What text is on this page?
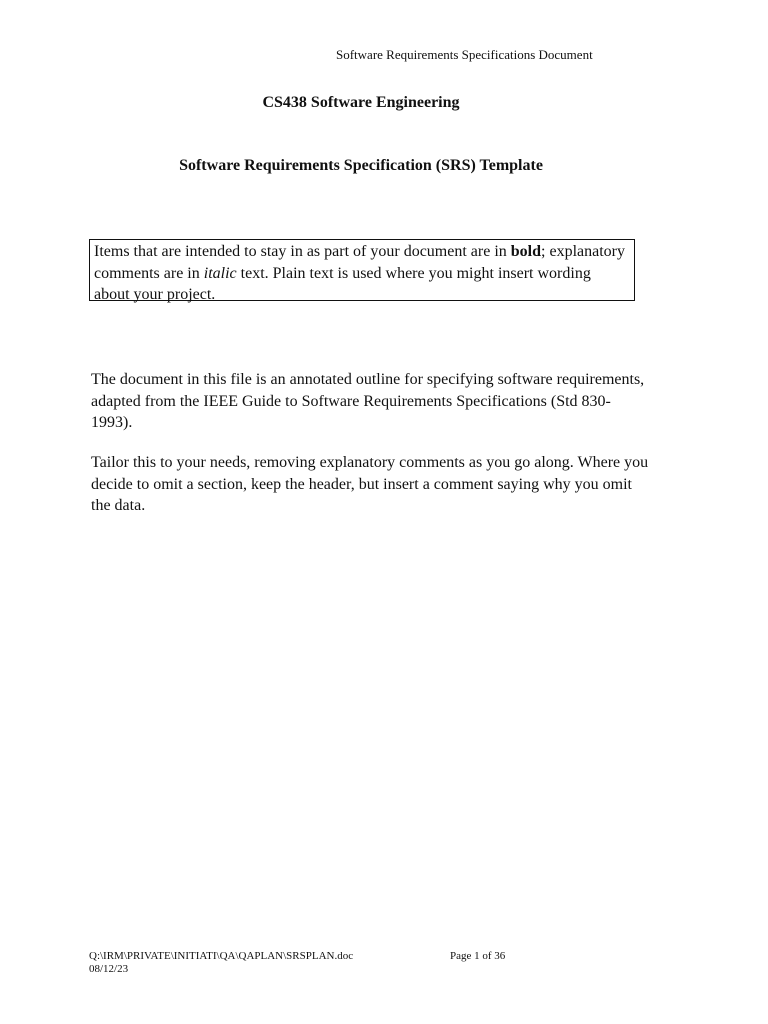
Software Requirements Specifications Document
CS438 Software Engineering
Software Requirements Specification (SRS) Template
Items that are intended to stay in as part of your document are in bold; explanatory comments are in italic text. Plain text is used where you might insert wording about your project.

The document in this file is an annotated outline for specifying software requirements, adapted from the IEEE Guide to Software Requirements Specifications (Std 830-1993).

Tailor this to your needs, removing explanatory comments as you go along. Where you decide to omit a section, keep the header, but insert a comment saying why you omit the data.

Q:\IRM\PRIVATE\INITIATI\QA\QAPLAN\SRSPLAN.doc
08/12/23
Page 1 of 36
